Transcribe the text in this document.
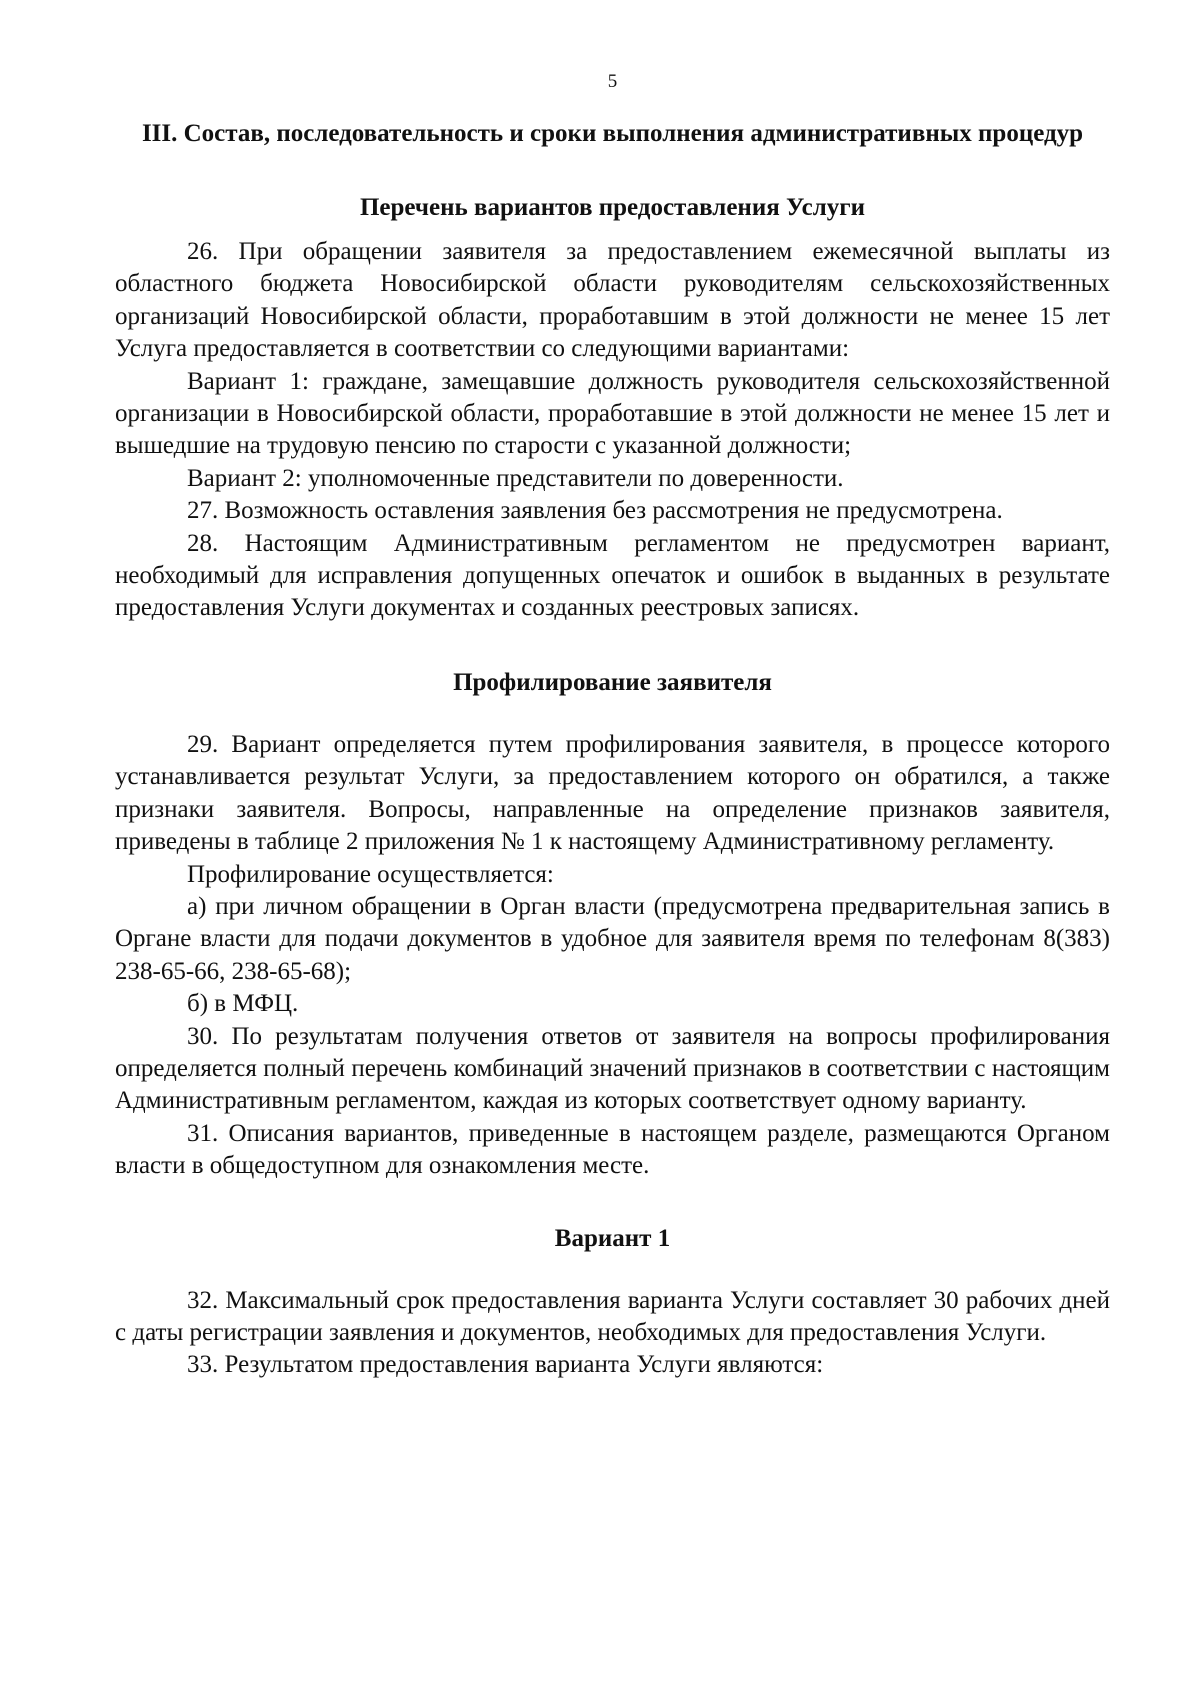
5
III. Состав, последовательность и сроки выполнения административных процедур
Перечень вариантов предоставления Услуги

26. При обращении заявителя за предоставлением ежемесячной выплаты из областного бюджета Новосибирской области руководителям сельскохозяйственных организаций Новосибирской области, проработавшим в этой должности не менее 15 лет Услуга предоставляется в соответствии со следующими вариантами:

Вариант 1: граждане, замещавшие должность руководителя сельскохозяйственной организации в Новосибирской области, проработавшие в этой должности не менее 15 лет и вышедшие на трудовую пенсию по старости с указанной должности;

Вариант 2: уполномоченные представители по доверенности.

27. Возможность оставления заявления без рассмотрения не предусмотрена.

28. Настоящим Административным регламентом не предусмотрен вариант, необходимый для исправления допущенных опечаток и ошибок в выданных в результате предоставления Услуги документах и созданных реестровых записях.

Профилирование заявителя

29. Вариант определяется путем профилирования заявителя, в процессе которого устанавливается результат Услуги, за предоставлением которого он обратился, а также признаки заявителя. Вопросы, направленные на определение признаков заявителя, приведены в таблице 2 приложения № 1 к настоящему Административному регламенту.

Профилирование осуществляется:

а) при личном обращении в Орган власти (предусмотрена предварительная запись в Органе власти для подачи документов в удобное для заявителя время по телефонам 8(383) 238-65-66, 238-65-68);

б) в МФЦ.

30. По результатам получения ответов от заявителя на вопросы профилирования определяется полный перечень комбинаций значений признаков в соответствии с настоящим Административным регламентом, каждая из которых соответствует одному варианту.

31. Описания вариантов, приведенные в настоящем разделе, размещаются Органом власти в общедоступном для ознакомления месте.

Вариант 1

32. Максимальный срок предоставления варианта Услуги составляет 30 рабочих дней с даты регистрации заявления и документов, необходимых для предоставления Услуги.

33. Результатом предоставления варианта Услуги являются:
